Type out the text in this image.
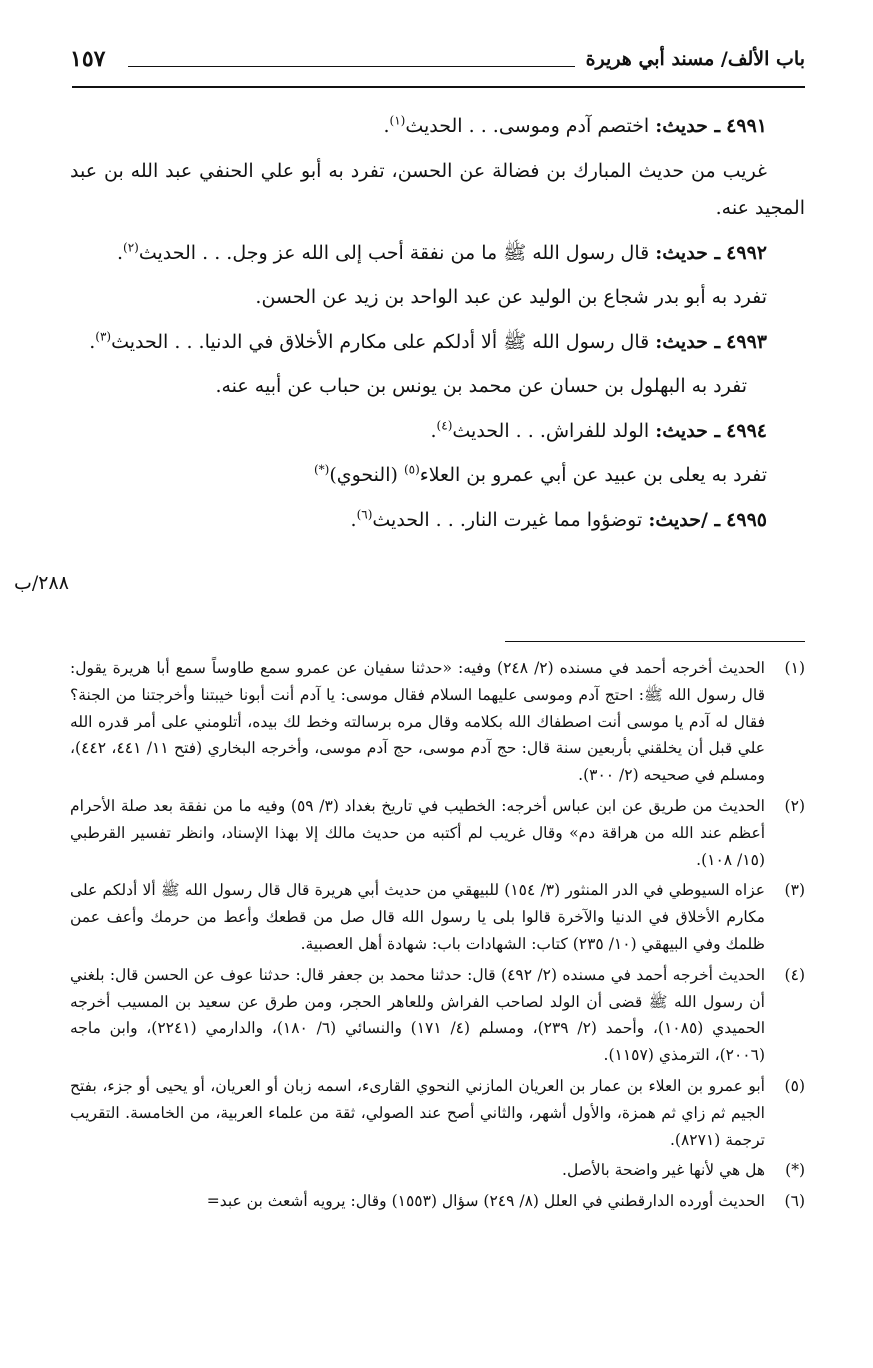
باب الألف/ مسند أبي هريرة
١٥٧

٤٩٩١ ـ حديث: اختصم آدم وموسى. . . الحديث$^{(١)}$.

غريب من حديث المبارك بن فضالة عن الحسن، تفرد به أبو علي الحنفي عبد الله بن عبد المجيد عنه.

٤٩٩٢ ـ حديث: قال رسول الله ﷺ ما من نفقة أحب إلى الله عز وجل. . . الحديث$^{(٢)}$.

تفرد به أبو بدر شجاع بن الوليد عن عبد الواحد بن زيد عن الحسن.

٤٩٩٣ ـ حديث: قال رسول الله ﷺ ألا أدلكم على مكارم الأخلاق في الدنيا. . . الحديث$^{(٣)}$.

تفرد به البهلول بن حسان عن محمد بن يونس بن حباب عن أبيه عنه.

٤٩٩٤ ـ حديث: الولد للفراش. . . الحديث$^{(٤)}$.

تفرد به يعلى بن عبيد عن أبي عمرو بن العلاء$^{(٥)}$ (النحوي)(*)

٤٩٩٥ ـ /حديث: توضؤوا مما غيرت النار. . . الحديث$^{(٦)}$.

٢٨٨/ب

(١)
الحديث أخرجه أحمد في مسنده (٢/ ٢٤٨) وفيه: «حدثنا سفيان عن عمرو سمع طاوساً سمع أبا هريرة يقول: قال رسول الله ﷺ: احتج آدم وموسى عليهما السلام فقال موسى: يا آدم أنت أبونا خيبتنا وأخرجتنا من الجنة؟ فقال له آدم يا موسى أنت اصطفاك الله بكلامه وقال مره برسالته وخط لك بيده، أتلومني على أمر قدره الله علي قبل أن يخلقني بأربعين سنة قال: حج آدم موسى، حج آدم موسى، وأخرجه البخاري (فتح ١١/ ٤٤١، ٤٤٢)، ومسلم في صحيحه (٢/ ٣٠٠).

(٢)
الحديث من طريق عن ابن عباس أخرجه: الخطيب في تاريخ بغداد (٣/ ٥٩) وفيه ما من نفقة بعد صلة الأحرام أعظم عند الله من هراقة دم» وقال غريب لم أكتبه من حديث مالك إلا بهذا الإسناد، وانظر تفسير القرطبي (١٥/ ١٠٨).

(٣)
عزاه السيوطي في الدر المنثور (٣/ ١٥٤) للبيهقي من حديث أبي هريرة قال قال رسول الله ﷺ ألا أدلكم على مكارم الأخلاق في الدنيا والآخرة قالوا بلى يا رسول الله قال صل من قطعك وأعط من حرمك وأعف عمن ظلمك وفي البيهقي (١٠/ ٢٣٥) كتاب: الشهادات باب: شهادة أهل العصبية.

(٤)
الحديث أخرجه أحمد في مسنده (٢/ ٤٩٢) قال: حدثنا محمد بن جعفر قال: حدثنا عوف عن الحسن قال: بلغني أن رسول الله ﷺ قضى أن الولد لصاحب الفراش وللعاهر الحجر، ومن طرق عن سعيد بن المسيب أخرجه الحميدي (١٠٨٥)، وأحمد (٢/ ٢٣٩)، ومسلم (٤/ ١٧١) والنسائي (٦/ ١٨٠)، والدارمي (٢٢٤١)، وابن ماجه (٢٠٠٦)، الترمذي (١١٥٧).

(٥)
أبو عمرو بن العلاء بن عمار بن العريان المازني النحوي القارىء، اسمه زبان أو العريان، أو يحيى أو جزء، بفتح الجيم ثم زاي ثم همزة، والأول أشهر، والثاني أصح عند الصولي، ثقة من علماء العربية، من الخامسة. التقريب ترجمة (٨٢٧١).

(*)
هل هي لأنها غير واضحة بالأصل.

(٦)
الحديث أورده الدارقطني في العلل (٨/ ٢٤٩) سؤال (١٥٥٣) وقال: يرويه أشعث بن عبد=
